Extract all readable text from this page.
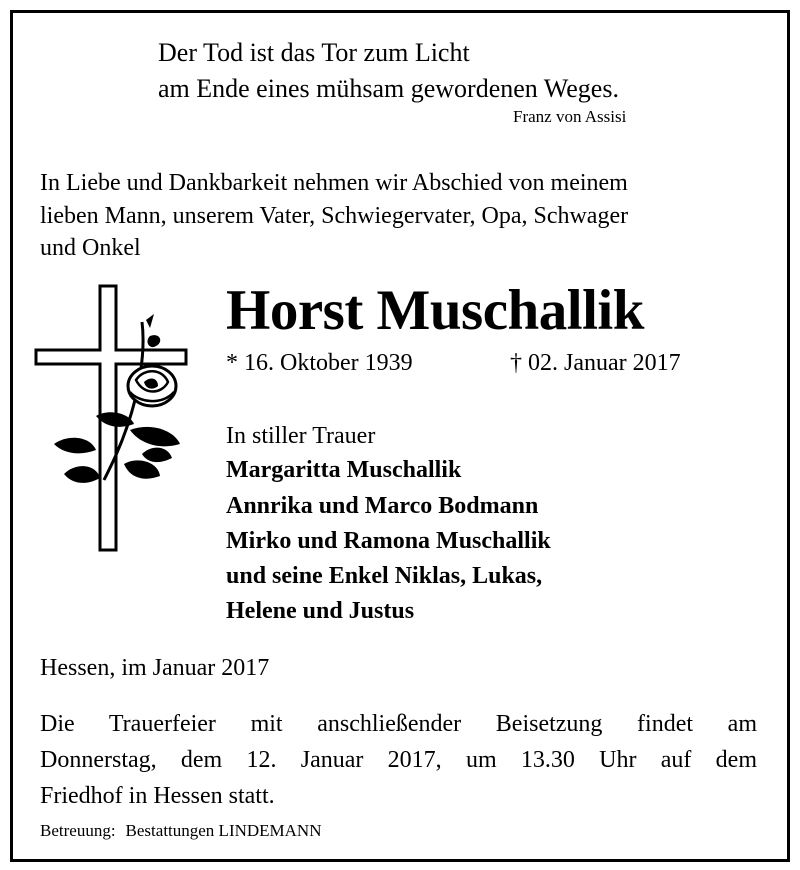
Der Tod ist das Tor zum Licht
am Ende eines mühsam gewordenen Weges.
Franz von Assisi
In Liebe und Dankbarkeit nehmen wir Abschied von meinem
lieben Mann, unserem Vater, Schwiegervater, Opa, Schwager
und Onkel
Horst Muschallik
* 16. Oktober 1939	† 02. Januar 2017
In stiller Trauer
Margaritta Muschallik
Annrika und Marco Bodmann
Mirko und Ramona Muschallik
und seine Enkel Niklas, Lukas,
Helene und Justus
Hessen, im Januar 2017
Die Trauerfeier mit anschließender Beisetzung findet am
Donnerstag, dem 12. Januar 2017, um 13.30 Uhr auf dem
Friedhof in Hessen statt.
Betreuung: Bestattungen LINDEMANN
